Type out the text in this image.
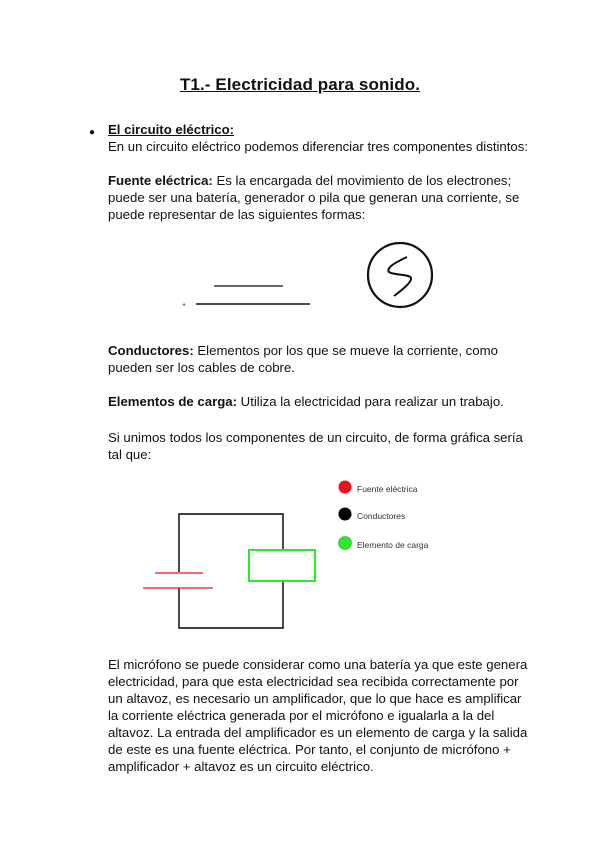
T1.- Electricidad para sonido.
● El circuito eléctrico:
En un circuito eléctrico podemos diferenciar tres componentes distintos:
Fuente eléctrica: Es la encargada del movimiento de los electrones;
puede ser una batería, generador o pila que generan una corriente, se
puede representar de las siguientes formas:
+
Conductores: Elementos por los que se mueve la corriente, como
pueden ser los cables de cobre.
Elementos de carga: Utiliza la electricidad para realizar un trabajo.
Si unimos todos los componentes de un circuito, de forma gráfica sería
tal que:
Fuente eléctrica
Conductores
Elemento de carga
El micrófono se puede considerar como una batería ya que este genera
electricidad, para que esta electricidad sea recibida correctamente por
un altavoz, es necesario un amplificador, que lo que hace es amplificar
la corriente eléctrica generada por el micrófono e igualarla a la del
altavoz. La entrada del amplificador es un elemento de carga y la salida
de este es una fuente eléctrica. Por tanto, el conjunto de micrófono +
amplificador + altavoz es un circuito eléctrico.
